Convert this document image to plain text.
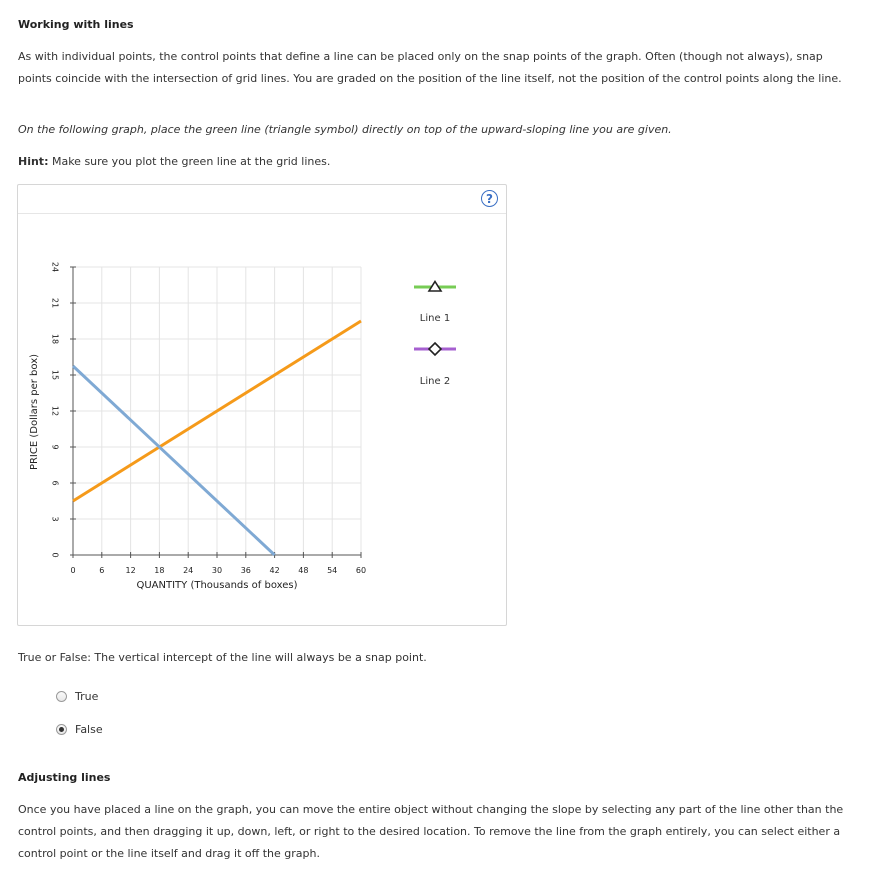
Working with lines
As with individual points, the control points that define a line can be placed only on the snap points of the graph. Often (though not always), snap
points coincide with the intersection of grid lines. You are graded on the position of the line itself, not the position of the control points along the line.
On the following graph, place the green line (triangle symbol) directly on top of the upward-sloping line you are given.
Hint: Make sure you plot the green line at the grid lines.
?
0	6	12 18 24 30 36 42 48 54 60
0
3
6
9
12
15
18
21
24
PRICE (Dollars per box)
QUANTITY (Thousands of boxes)
Line 1
Line 2
True or False: The vertical intercept of the line will always be a snap point.
True
False
Adjusting lines
Once you have placed a line on the graph, you can move the entire object without changing the slope by selecting any part of the line other than the
control points, and then dragging it up, down, left, or right to the desired location. To remove the line from the graph entirely, you can select either a
control point or the line itself and drag it off the graph.
